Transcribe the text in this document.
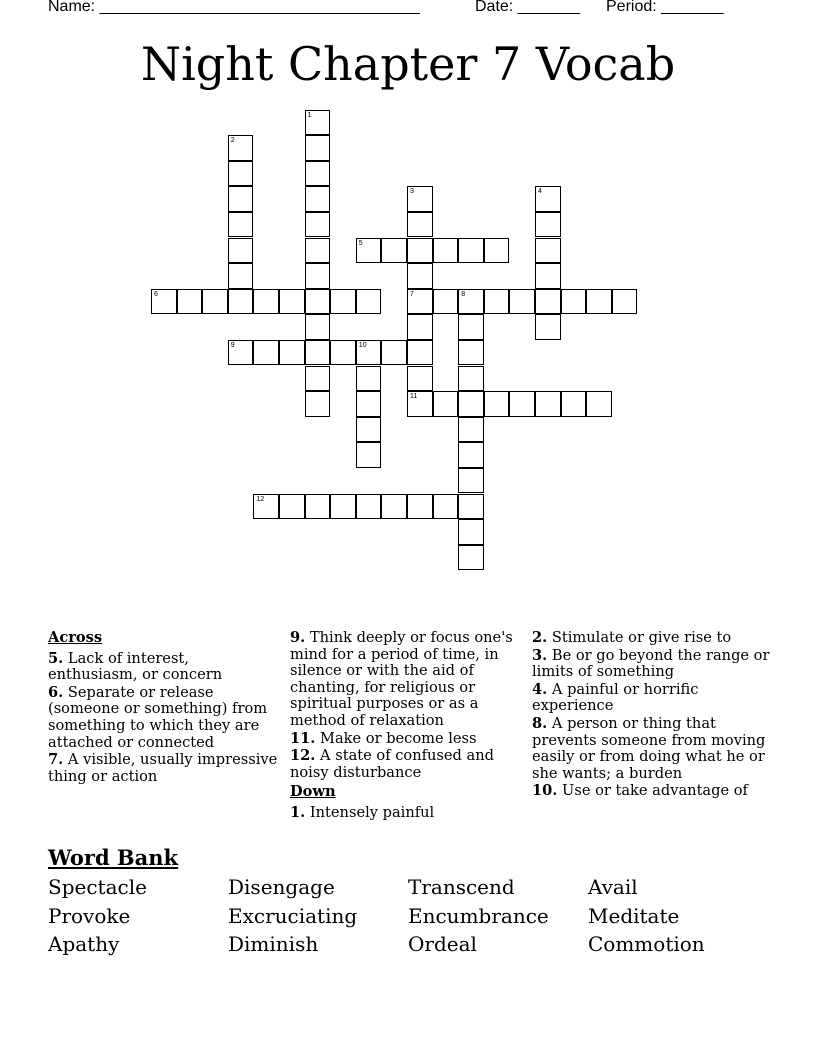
Name: ____________________________________	Date: _______ Period: _______
Night Chapter 7 Vocab
5
6	7	8
9	10
11
12
1
2
3	4
Across
5. Lack of interest, enthusiasm, or concern
6. Separate or release (someone or something) from something to which they are attached or connected
7. A visible, usually impressive thing or action
9. Think deeply or focus one's mind for a period of time, in silence or with the aid of chanting, for religious or spiritual purposes or as a method of relaxation
11. Make or become less
12. A state of confused and noisy disturbance
Down
1. Intensely painful
2. Stimulate or give rise to
3. Be or go beyond the range or limits of something
4. A painful or horrific experience
8. A person or thing that prevents someone from moving easily or from doing what he or she wants; a burden
10. Use or take advantage of
Word Bank
Spectacle	Disengage	Transcend	Avail
Provoke	Excruciating	Encumbrance Meditate
Apathy	Diminish	Ordeal	Commotion
